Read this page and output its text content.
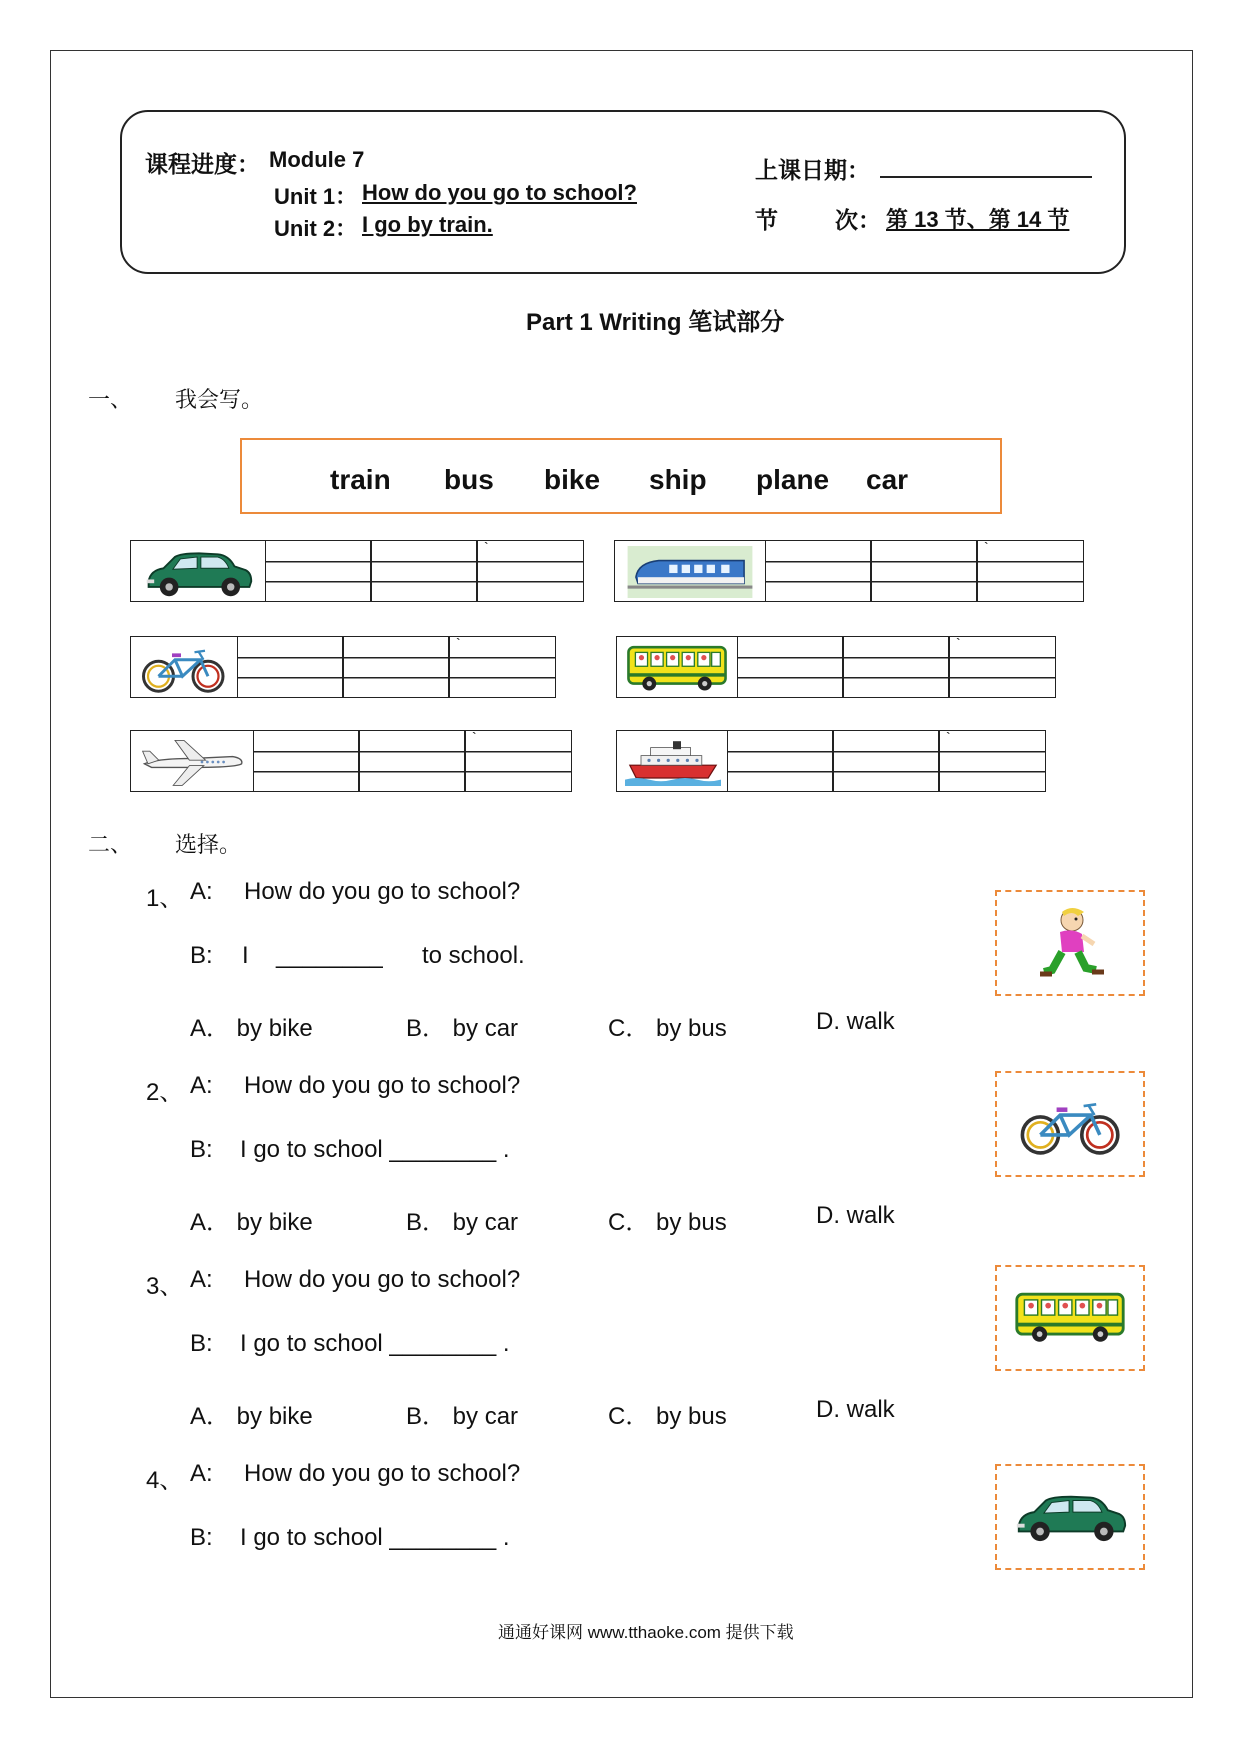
课程进度： Module 7
Unit 1： How do you go to school?
Unit 2： I go by train.
上课日期：
节 次： 第 13 节、第 14 节
Part 1 Writing 笔试部分
一、 我会写。
train bus bike ship plane car
`	`
`	`
`	`
二、 选择。
1、 A: How do you go to school?
B: I ________ to school.
A． by bike	B． by car	C． by bus	D. walk
2、 A: How do you go to school?
B: I go to school ________ .
A． by bike	B． by car	C． by bus	D. walk
3、 A: How do you go to school?
B: I go to school ________ .
A． by bike	B． by car	C． by bus	D. walk
4、 A: How do you go to school?
B: I go to school ________ .
通通好课网 www.tthaoke.com 提供下载
